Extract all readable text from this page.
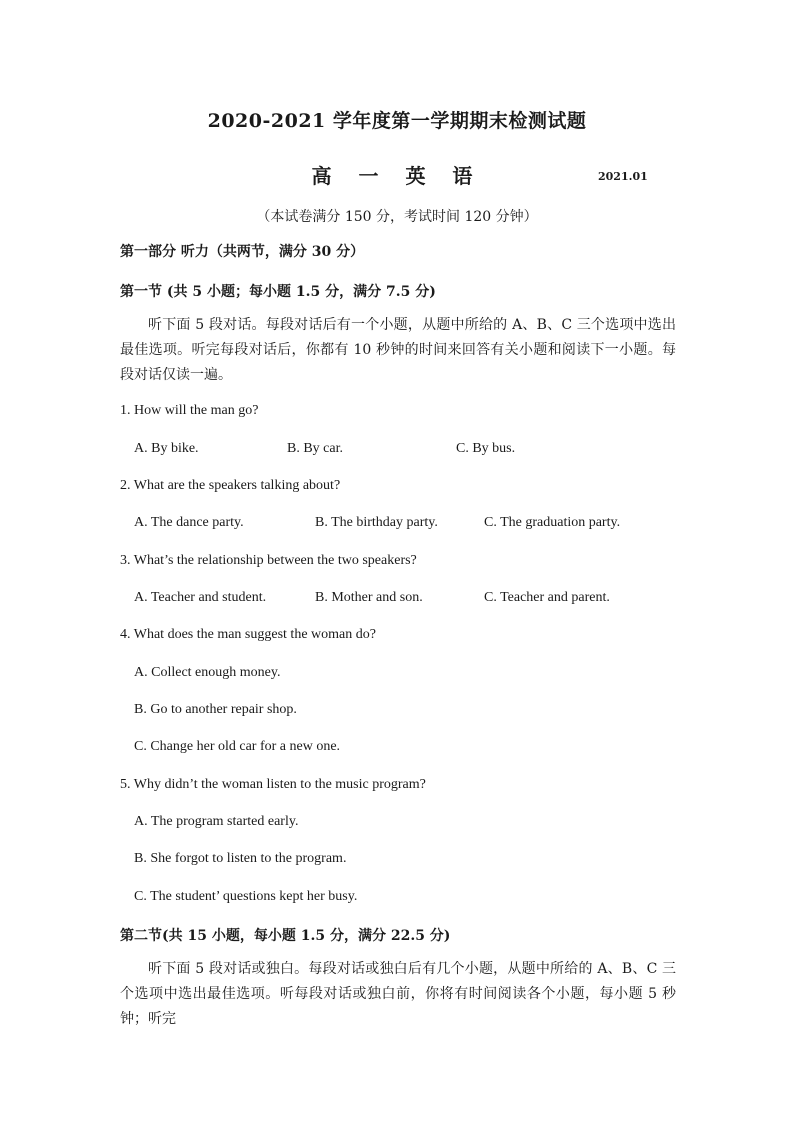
2020-2021 学年度第一学期期末检测试题
高 一 英 语	2021.01
（本试卷满分 150 分，考试时间 120 分钟）
第一部分 听力（共两节，满分 30 分）
第一节 (共 5 小题；每小题 1.5 分，满分 7.5 分)
听下面 5 段对话。每段对话后有一个小题，从题中所给的 A、B、C 三个选项中选出最佳选项。听完每段对话后，你都有 10 秒钟的时间来回答有关小题和阅读下一小题。每段对话仅读一遍。
1. How will the man go?
A. By bike.	B. By car.	C. By bus.
2. What are the speakers talking about?
A. The dance party.	B. The birthday party.	C. The graduation party.
3. What’s the relationship between the two speakers?
A. Teacher and student.	B. Mother and son.	C. Teacher and parent.
4. What does the man suggest the woman do?
A. Collect enough money.
B. Go to another repair shop.
C. Change her old car for a new one.
5. Why didn’t the woman listen to the music program?
A. The program started early.
B. She forgot to listen to the program.
C. The student’ questions kept her busy.
第二节(共 15 小题，每小题 1.5 分，满分 22.5 分)
听下面 5 段对话或独白。每段对话或独白后有几个小题，从题中所给的 A、B、C 三个选项中选出最佳选项。听每段对话或独白前，你将有时间阅读各个小题，每小题 5 秒钟；听完
